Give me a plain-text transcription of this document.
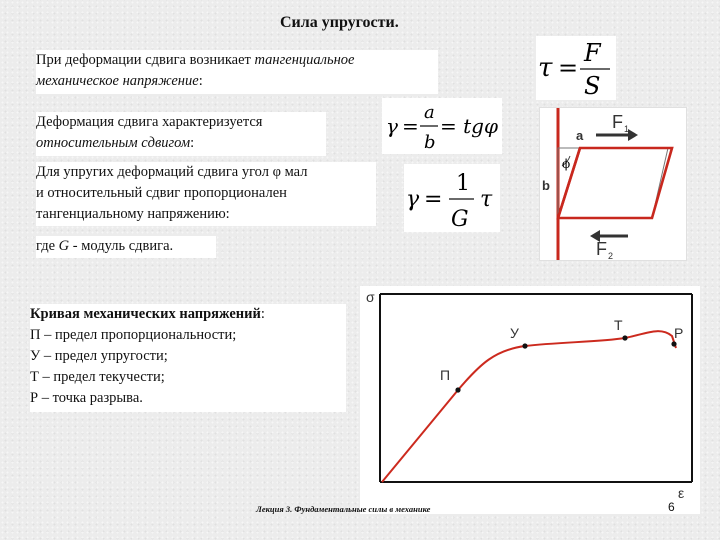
Сила упругости.
При деформации сдвига возникает тангенциальное
механическое напряжение:	τ =
F
S
Деформация сдвига характеризуется
относительным сдвигом:
γ =
a
b
= tgφ
Для упругих деформаций сдвига угол φ мал
и относительный сдвиг пропорционален
тангенциальному напряжению:
γ =
1
G
τ
где G - модуль сдвига.
ϕ
a
b
F 1
F 2
Кривая механических напряжений:
П – предел пропорциональности;
У – предел упругости;
Т – предел текучести;
Р – точка разрыва.
σ
ε
П
У	Т	Р
Лекция 3. Фундаментальные силы в механике	6
